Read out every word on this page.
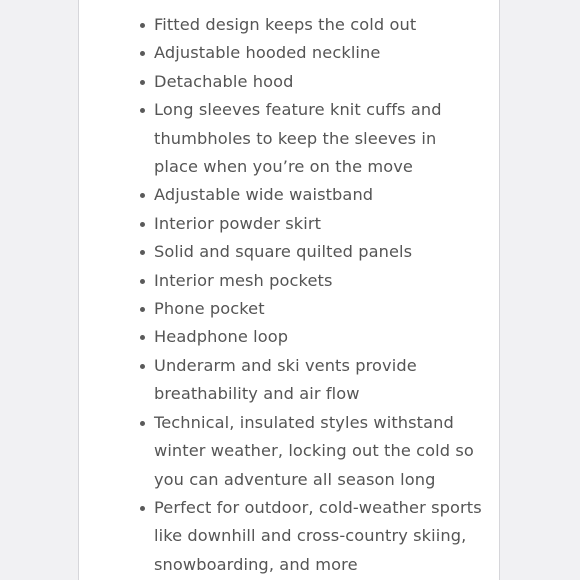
Fitted design keeps the cold out
Adjustable hooded neckline
Detachable hood
Long sleeves feature knit cuffs and thumbholes to keep the sleeves in place when you’re on the move
Adjustable wide waistband
Interior powder skirt
Solid and square quilted panels
Interior mesh pockets
Phone pocket
Headphone loop
Underarm and ski vents provide breathability and air flow
Technical, insulated styles withstand winter weather, locking out the cold so you can adventure all season long
Perfect for outdoor, cold-weather sports like downhill and cross-country skiing, snowboarding, and more
